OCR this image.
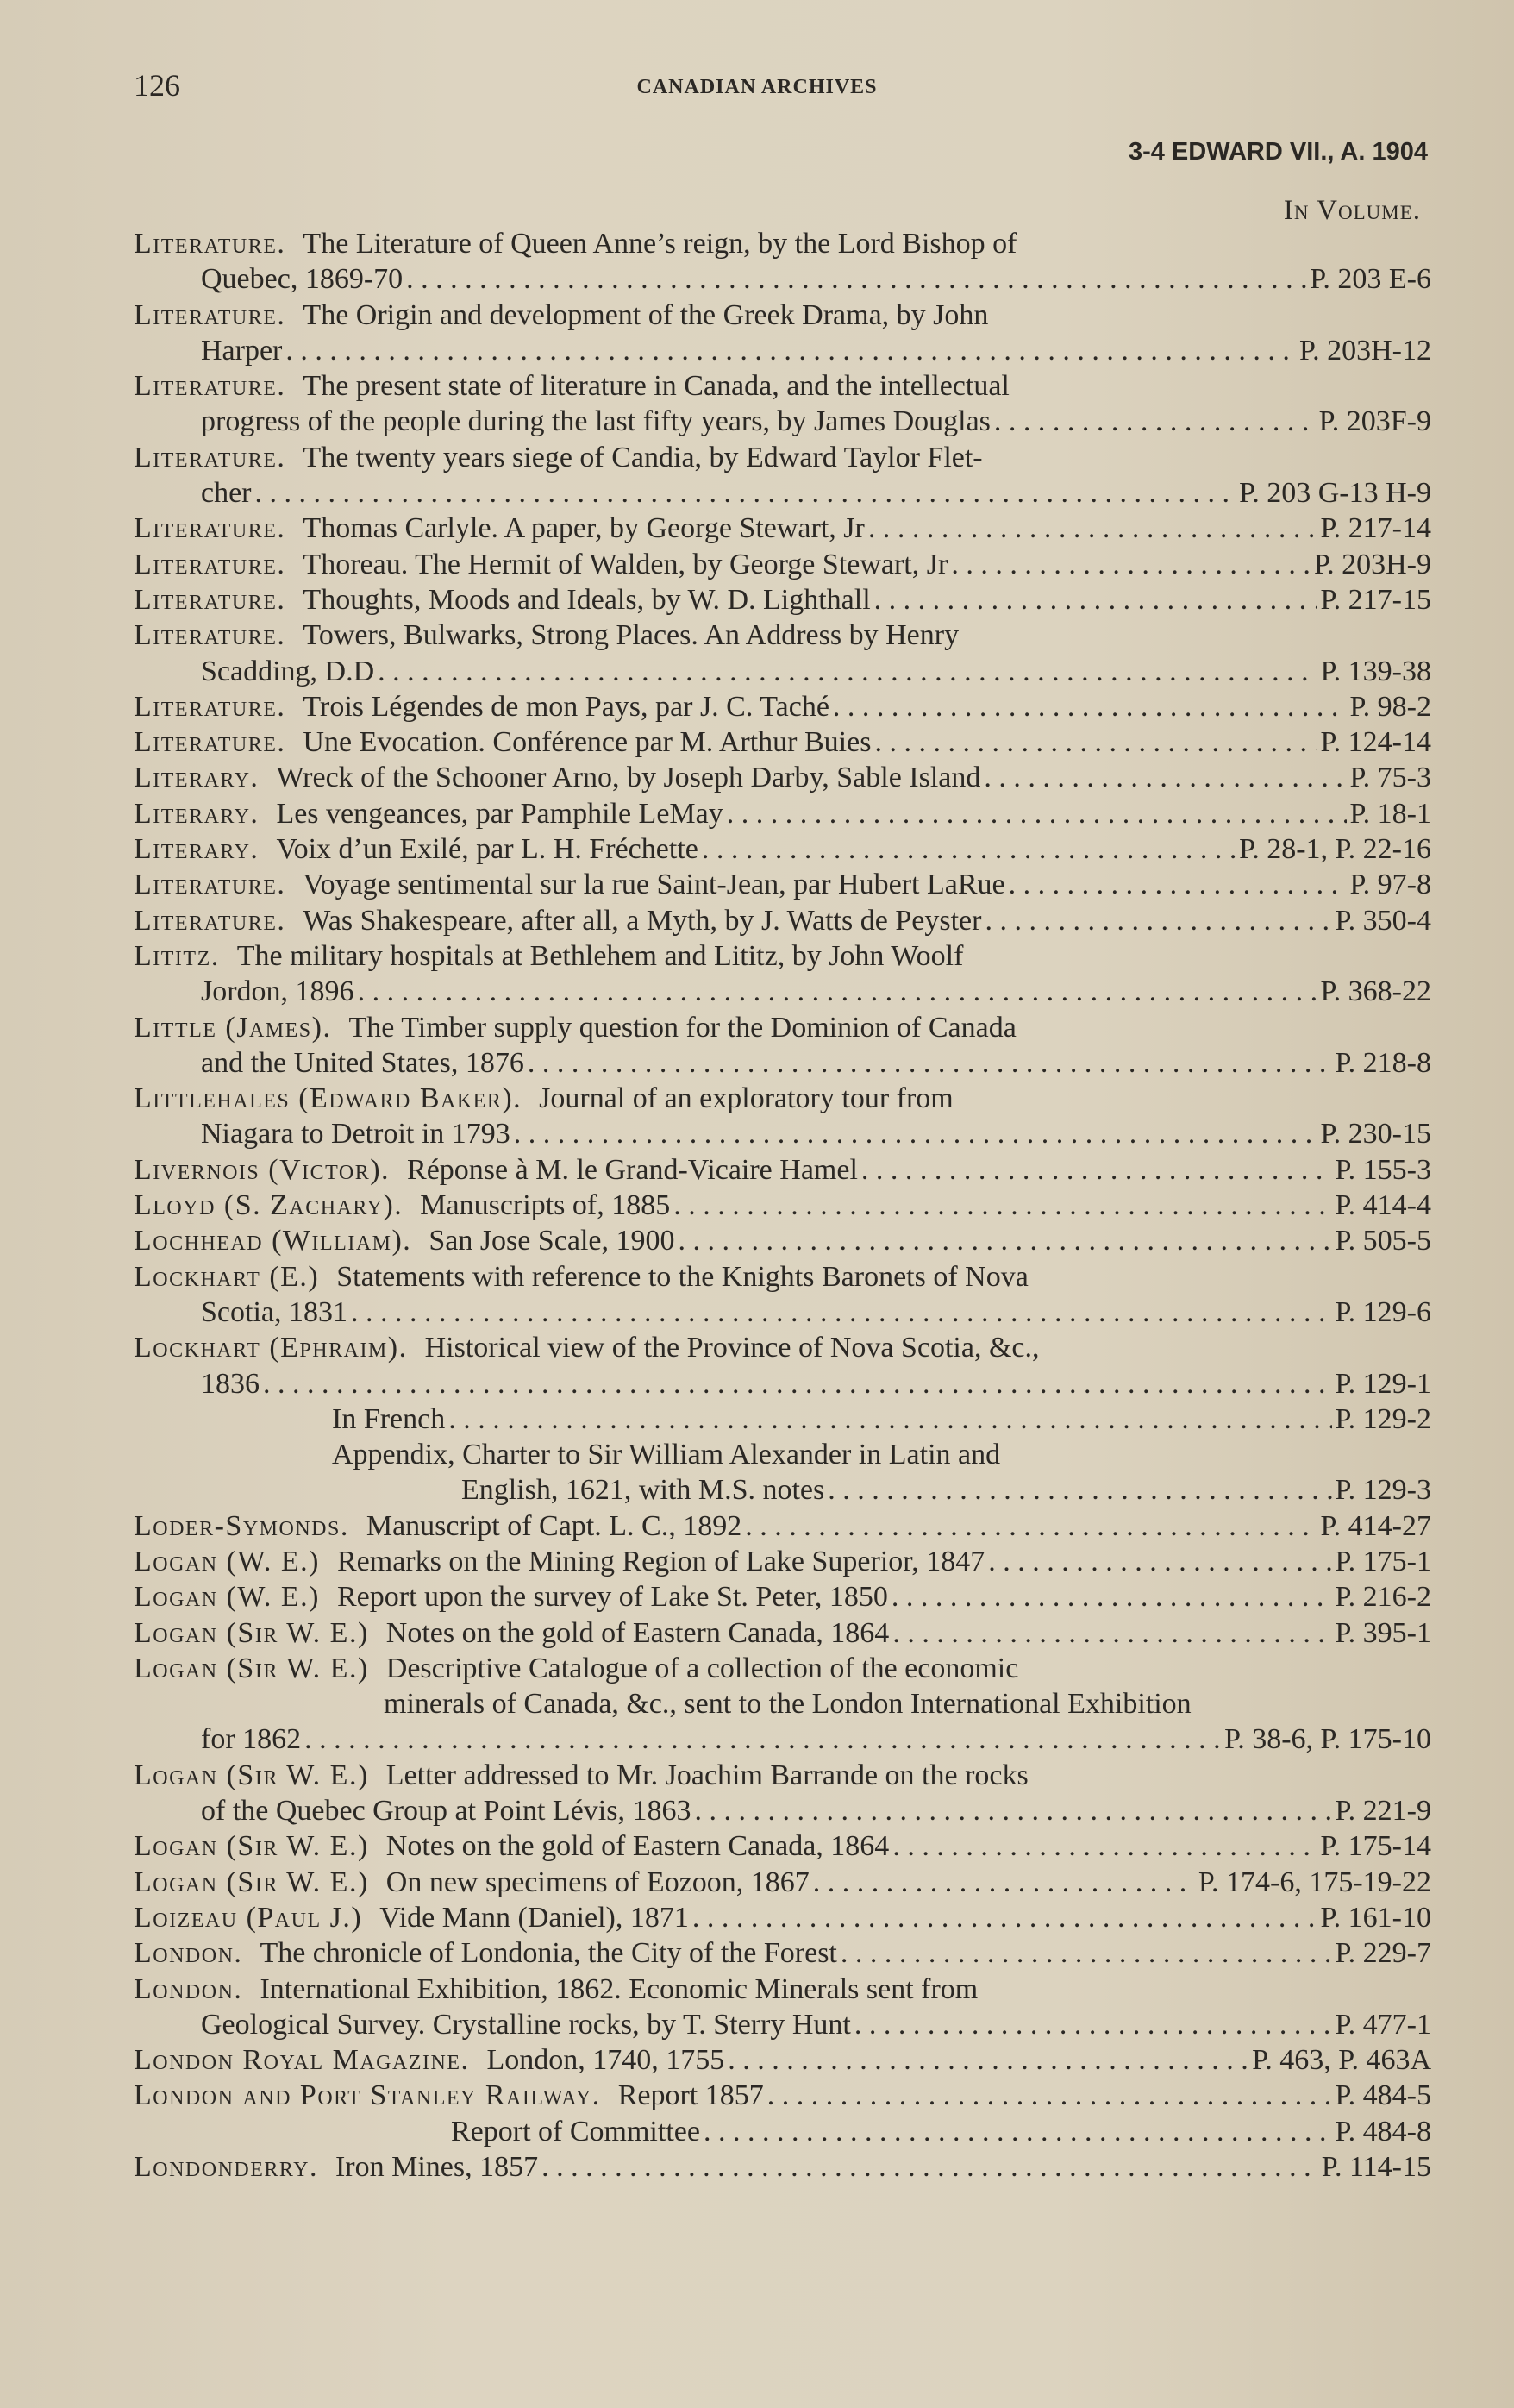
126	CANADIAN ARCHIVES
3-4 EDWARD VII., A. 1904
In Volume.
Literature. The Literature of Queen Anne’s reign, by the Lord Bishop of
Quebec, 1869-70 . . .	P. 203 E-6
Literature. The Origin and development of the Greek Drama, by John
Harper . . .	P. 203H-12
Literature. The present state of literature in Canada, and the intellectual
progress of the people during the last fifty years, by James Douglas . . .	P. 203F-9
Literature. The twenty years siege of Candia, by Edward Taylor Flet-
cher . . .	P. 203 G-13 H-9
Literature. Thomas Carlyle. A paper, by George Stewart, Jr . . .	P. 217-14
Literature. Thoreau. The Hermit of Walden, by George Stewart, Jr . . .	P. 203H-9
Literature. Thoughts, Moods and Ideals, by W. D. Lighthall . . .	P. 217-15
Literature. Towers, Bulwarks, Strong Places. An Address by Henry
Scadding, D.D . . .	P. 139-38
Literature. Trois Légendes de mon Pays, par J. C. Taché . . .	P. 98-2
Literature. Une Evocation. Conférence par M. Arthur Buies . . .	P. 124-14
Literary. Wreck of the Schooner Arno, by Joseph Darby, Sable Island . . .	P. 75-3
Literary. Les vengeances, par Pamphile LeMay . . .	P. 18-1
Literary. Voix d’un Exilé, par L. H. Fréchette . . .	P. 28-1, P. 22-16
Literature. Voyage sentimental sur la rue Saint-Jean, par Hubert LaRue . . .	P. 97-8
Literature. Was Shakespeare, after all, a Myth, by J. Watts de Peyster . . .	P. 350-4
Lititz. The military hospitals at Bethlehem and Lititz, by John Woolf
Jordon, 1896 . . .	P. 368-22
Little (James). The Timber supply question for the Dominion of Canada
and the United States, 1876 . . .	P. 218-8
Littlehales (Edward Baker). Journal of an exploratory tour from
Niagara to Detroit in 1793 . . .	P. 230-15
Livernois (Victor). Réponse à M. le Grand-Vicaire Hamel . . .	P. 155-3
Lloyd (S. Zachary). Manuscripts of, 1885 . . .	P. 414-4
Lochhead (William). San Jose Scale, 1900 . . .	P. 505-5
Lockhart (E.) Statements with reference to the Knights Baronets of Nova
Scotia, 1831 . . .	P. 129-6
Lockhart (Ephraim). Historical view of the Province of Nova Scotia, &c.,
1836 . . .	P. 129-1
In French . . .	P. 129-2
Appendix, Charter to Sir William Alexander in Latin and
English, 1621, with M.S. notes . . .	P. 129-3
Loder-Symonds. Manuscript of Capt. L. C., 1892 . . .	P. 414-27
Logan (W. E.) Remarks on the Mining Region of Lake Superior, 1847 . . .	P. 175-1
Logan (W. E.) Report upon the survey of Lake St. Peter, 1850 . . .	P. 216-2
Logan (Sir W. E.) Notes on the gold of Eastern Canada, 1864 . . .	P. 395-1
Logan (Sir W. E.) Descriptive Catalogue of a collection of the economic
minerals of Canada, &c., sent to the London International Exhibition
for 1862 . . .	P. 38-6, P. 175-10
Logan (Sir W. E.) Letter addressed to Mr. Joachim Barrande on the rocks
of the Quebec Group at Point Lévis, 1863 . . .	P. 221-9
Logan (Sir W. E.) Notes on the gold of Eastern Canada, 1864 . . .	P. 175-14
Logan (Sir W. E.) On new specimens of Eozoon, 1867 . . .	P. 174-6, 175-19-22
Loizeau (Paul J.) Vide Mann (Daniel), 1871 . . .	P. 161-10
London. The chronicle of Londonia, the City of the Forest . . .	P. 229-7
London. International Exhibition, 1862. Economic Minerals sent from
Geological Survey. Crystalline rocks, by T. Sterry Hunt . . .	P. 477-1
London Royal Magazine. London, 1740, 1755 . . .	P. 463, P. 463A
London and Port Stanley Railway. Report 1857 . . .	P. 484-5
Report of Committee . . .	P. 484-8
Londonderry. Iron Mines, 1857 . . .	P. 114-15
